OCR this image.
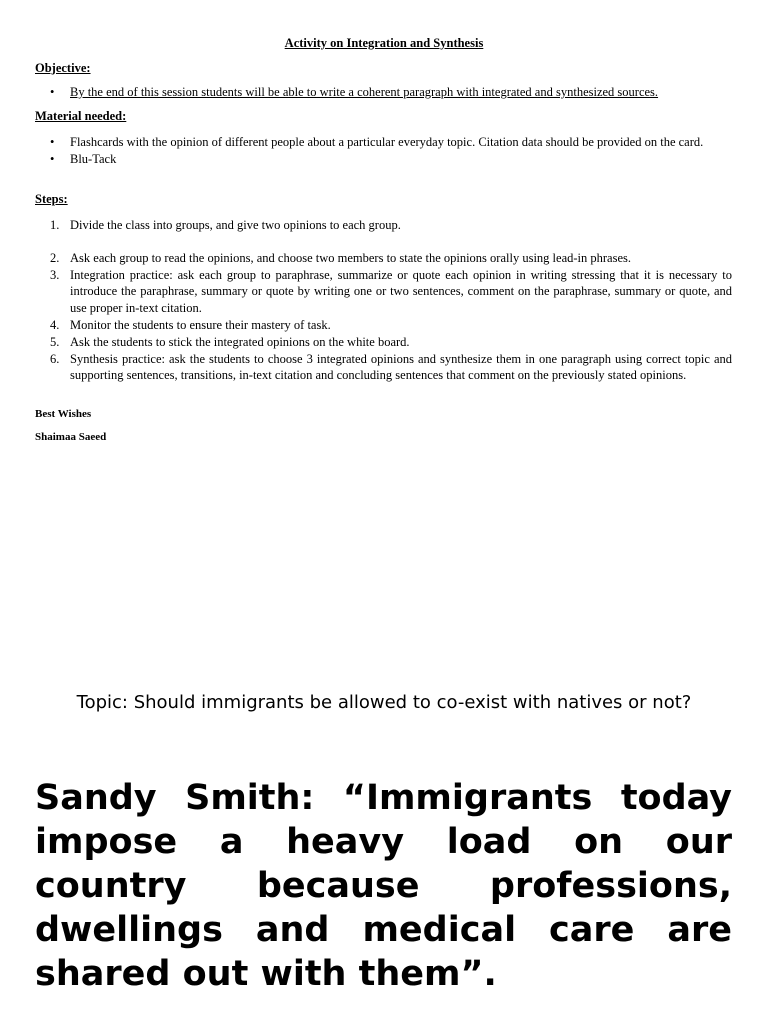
Activity on Integration and Synthesis
Objective:
• By the end of this session students will be able to write a coherent paragraph with integrated and synthesized sources.
Material needed:
• Flashcards with the opinion of different people about a particular everyday topic. Citation data should be provided on the card.
• Blu-Tack
Steps:
1. Divide the class into groups, and give two opinions to each group.
2. Ask each group to read the opinions, and choose two members to state the opinions orally using lead-in phrases.
3. Integration practice: ask each group to paraphrase, summarize or quote each opinion in writing stressing that it is necessary to introduce the paraphrase, summary or quote by writing one or two sentences, comment on the paraphrase, summary or quote, and use proper in-text citation.
4. Monitor the students to ensure their mastery of task.
5. Ask the students to stick the integrated opinions on the white board.
6. Synthesis practice: ask the students to choose 3 integrated opinions and synthesize them in one paragraph using correct topic and supporting sentences, transitions, in-text citation and concluding sentences that comment on the previously stated opinions.
Best Wishes
Shaimaa Saeed
Topic: Should immigrants be allowed to co-exist with natives or not?
Sandy Smith: “Immigrants today impose a heavy load on our country because professions, dwellings and medical care are shared out with them”.
